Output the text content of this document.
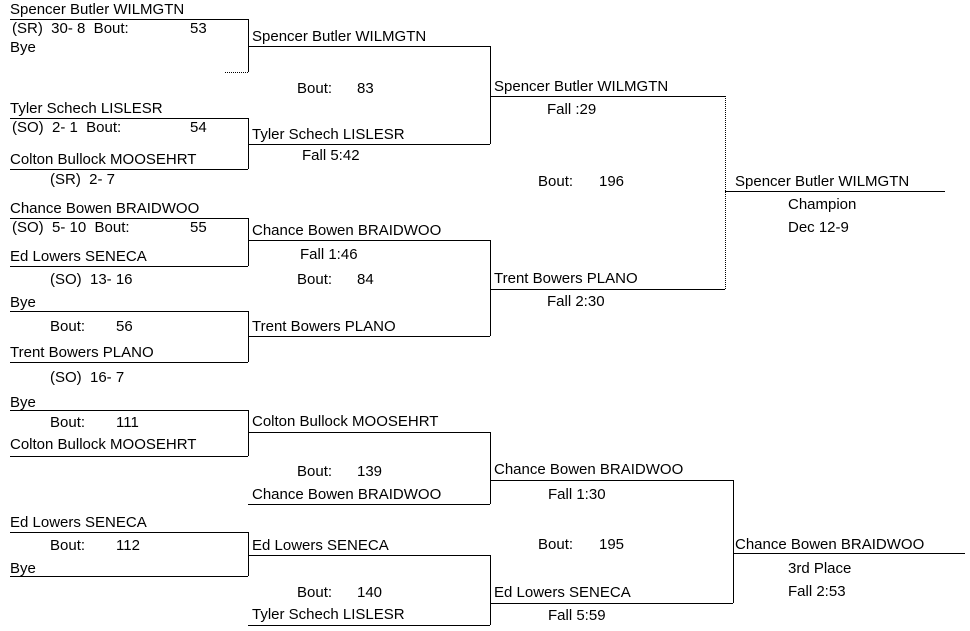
Spencer Butler WILMGTN
(SR)  30- 8  Bout:	53
Bye
Tyler Schech LISLESR
(SO)  2- 1  Bout:	54
Colton Bullock MOOSEHRT
(SR)  2- 7
Chance Bowen BRAIDWOO
(SO)  5- 10  Bout:	55
Ed Lowers SENECA
(SO)  13- 16
Bye
Bout: 56
Trent Bowers PLANO
(SO)  16- 7
Spencer Butler WILMGTN
Bout: 83
Tyler Schech LISLESR
Fall 5:42
Chance Bowen BRAIDWOO
Fall 1:46
Bout: 84
Trent Bowers PLANO
Spencer Butler WILMGTN
Fall :29
Bout: 196
Trent Bowers PLANO
Fall 2:30
Spencer Butler WILMGTN
Champion
Dec 12-9
Bye
Bout: 111
Colton Bullock MOOSEHRT
Ed Lowers SENECA
Bout: 112
Bye
Colton Bullock MOOSEHRT
Bout: 139
Chance Bowen BRAIDWOO
Ed Lowers SENECA
Bout: 140
Tyler Schech LISLESR
Chance Bowen BRAIDWOO
Fall 1:30
Bout: 195
Ed Lowers SENECA
Fall 5:59
Chance Bowen BRAIDWOO
3rd Place
Fall 2:53
